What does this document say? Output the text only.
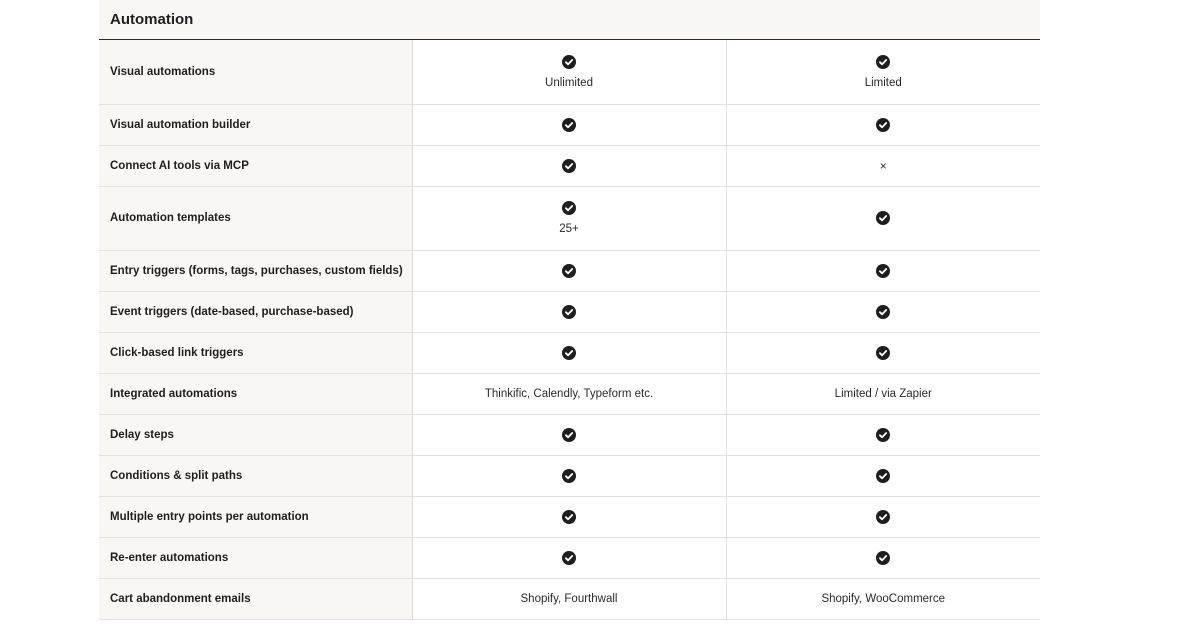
Automation
Visual automations	Unlimited	Limited

Visual automation builder	

Connect AI tools via MCP		×

Automation templates	25+

Entry triggers (forms, tags, purchases, custom fields)	

Event triggers (date-based, purchase-based)	

Click-based link triggers	

Integrated automations	Thinkific, Calendly, Typeform etc.	Limited / via Zapier

Delay steps	

Conditions & split paths	

Multiple entry points per automation	

Re-enter automations	

Cart abandonment emails	Shopify, Fourthwall	Shopify, WooCommerce
